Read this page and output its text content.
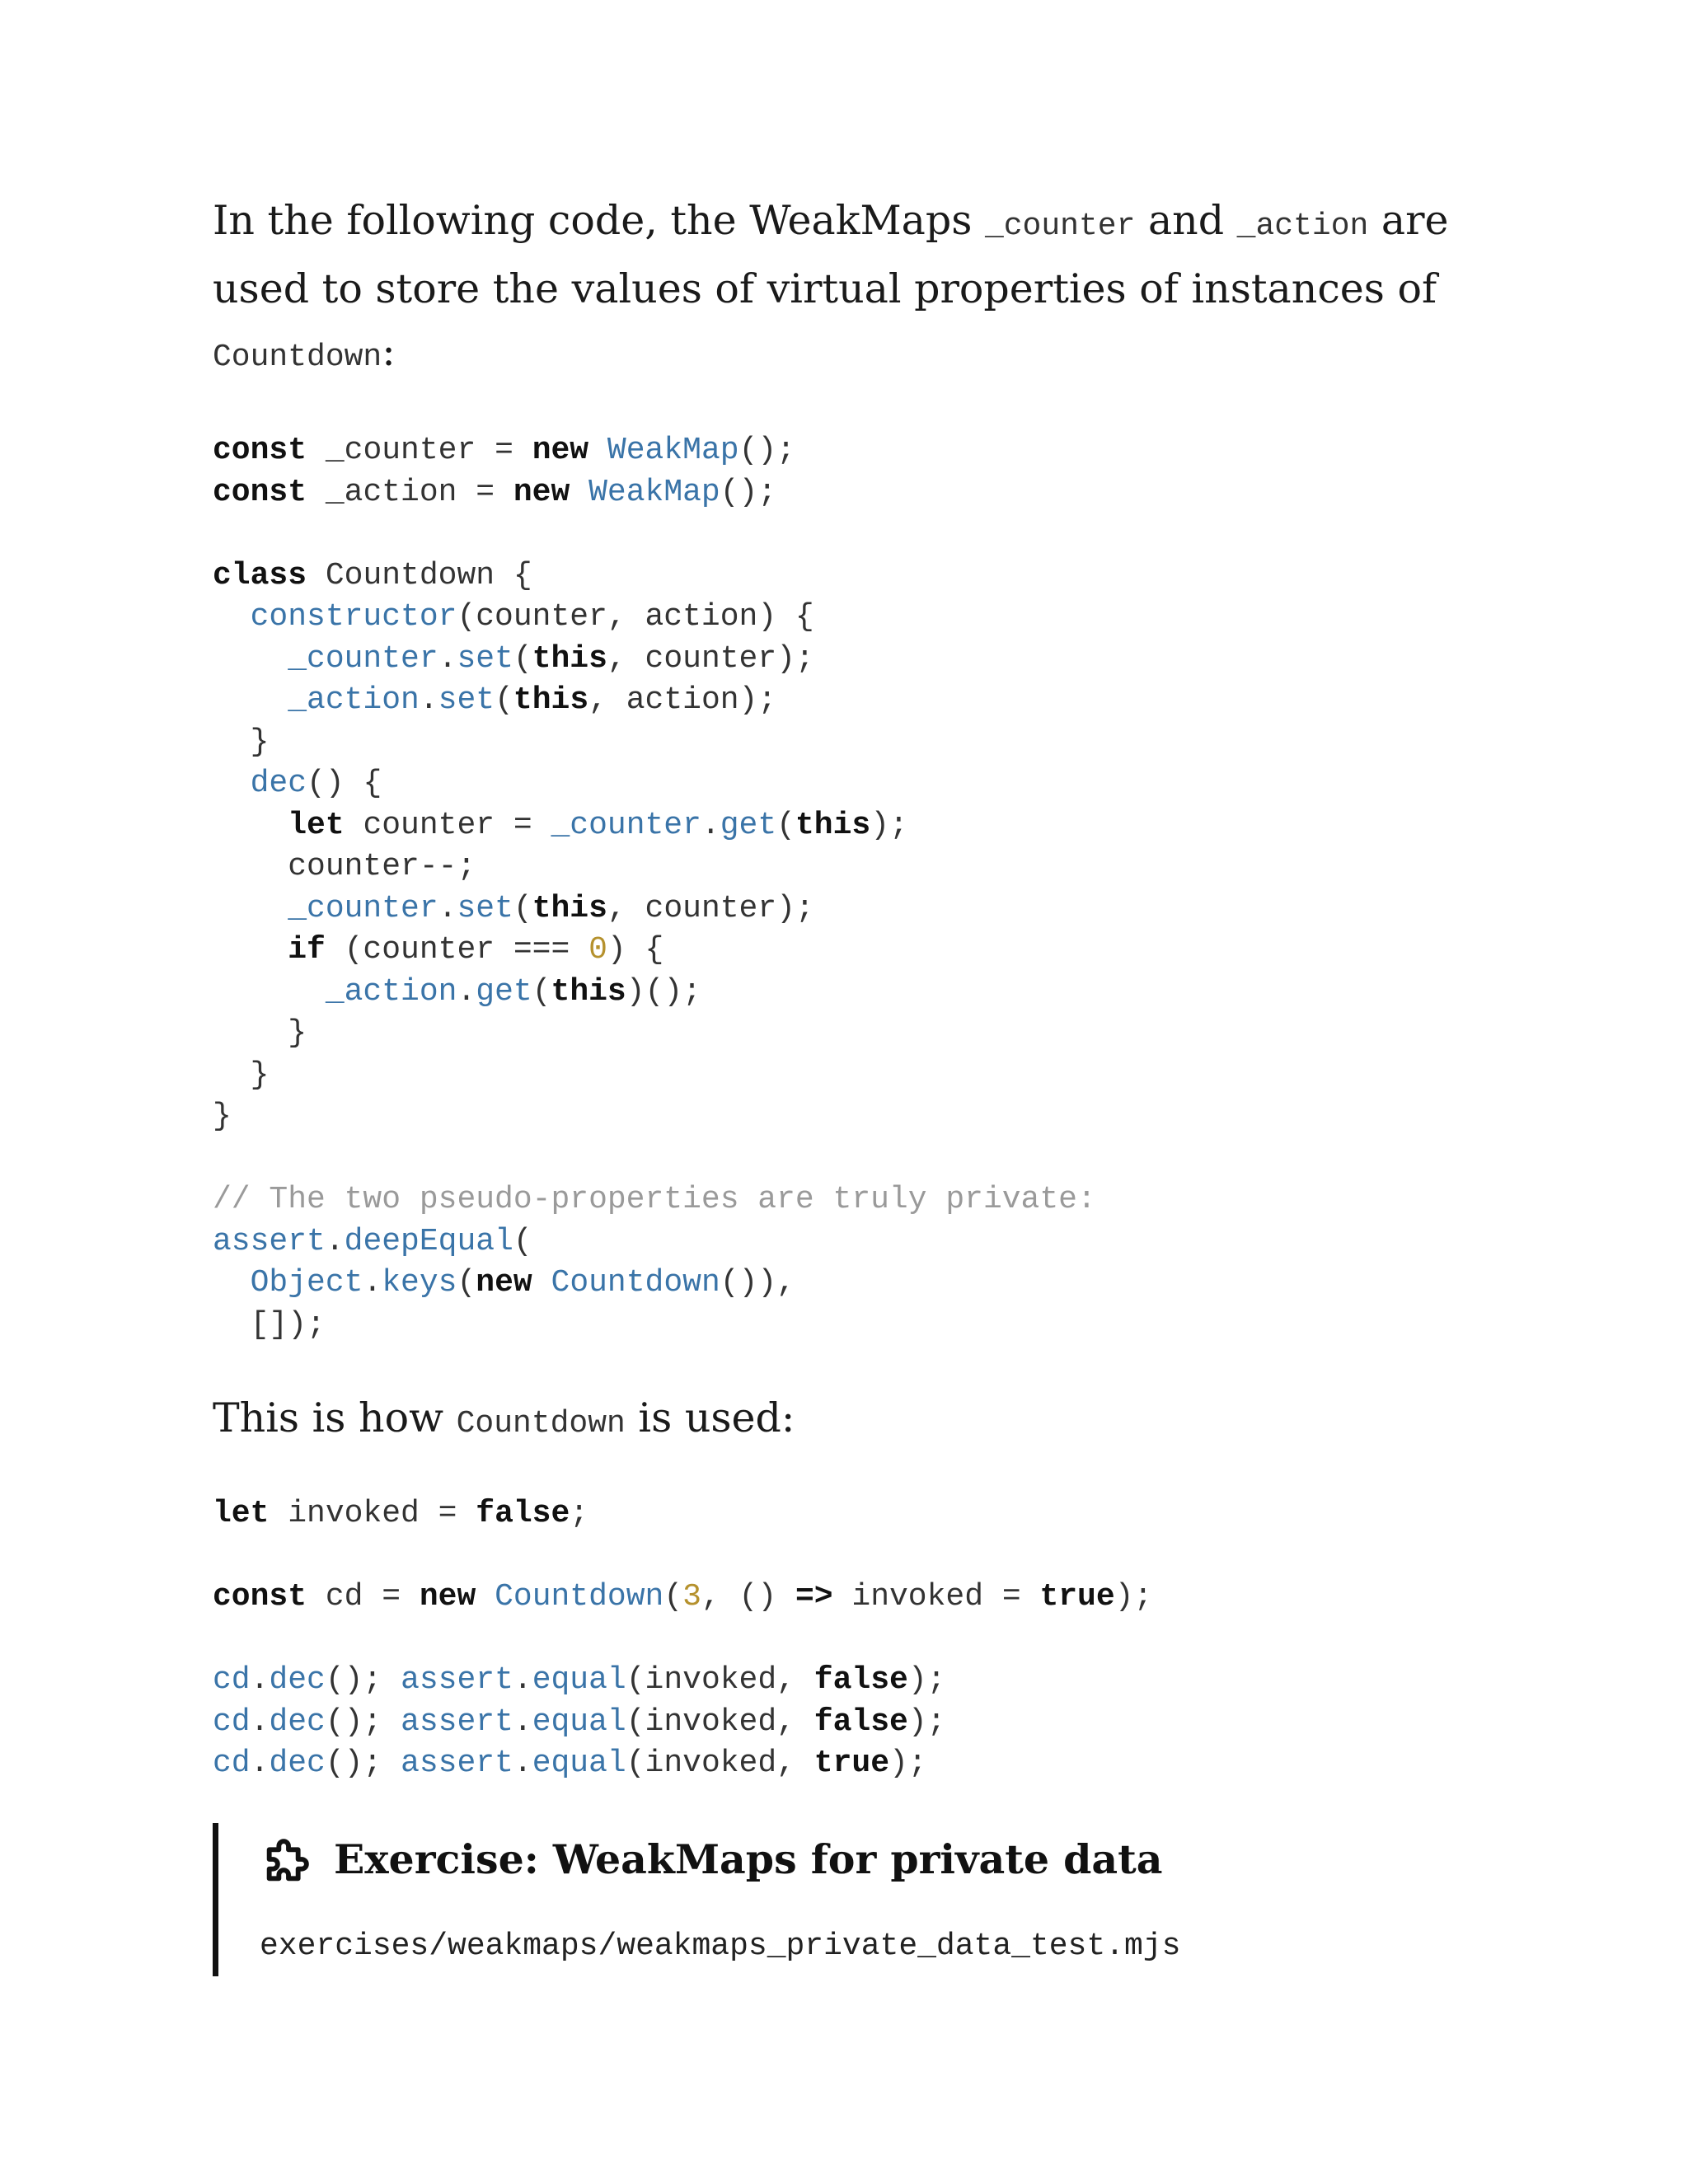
In the following code, the WeakMaps _counter and _action are used to store the values of virtual properties of instances of Countdown:

const _counter = new WeakMap();
const _action = new WeakMap();

class Countdown {
constructor(counter, action) {
_counter.set(this, counter);
_action.set(this, action);
}
dec() {
let counter = _counter.get(this);
counter--;
_counter.set(this, counter);
if (counter === 0) {
_action.get(this)();
}
}
}

// The two pseudo-properties are truly private:
assert.deepEqual(
Object.keys(new Countdown()),
[]);

This is how Countdown is used:

let invoked = false;

const cd = new Countdown(3, () => invoked = true);

cd.dec(); assert.equal(invoked, false);
cd.dec(); assert.equal(invoked, false);
cd.dec(); assert.equal(invoked, true);
Exercise: WeakMaps for private data
exercises/weakmaps/weakmaps_private_data_test.mjs
